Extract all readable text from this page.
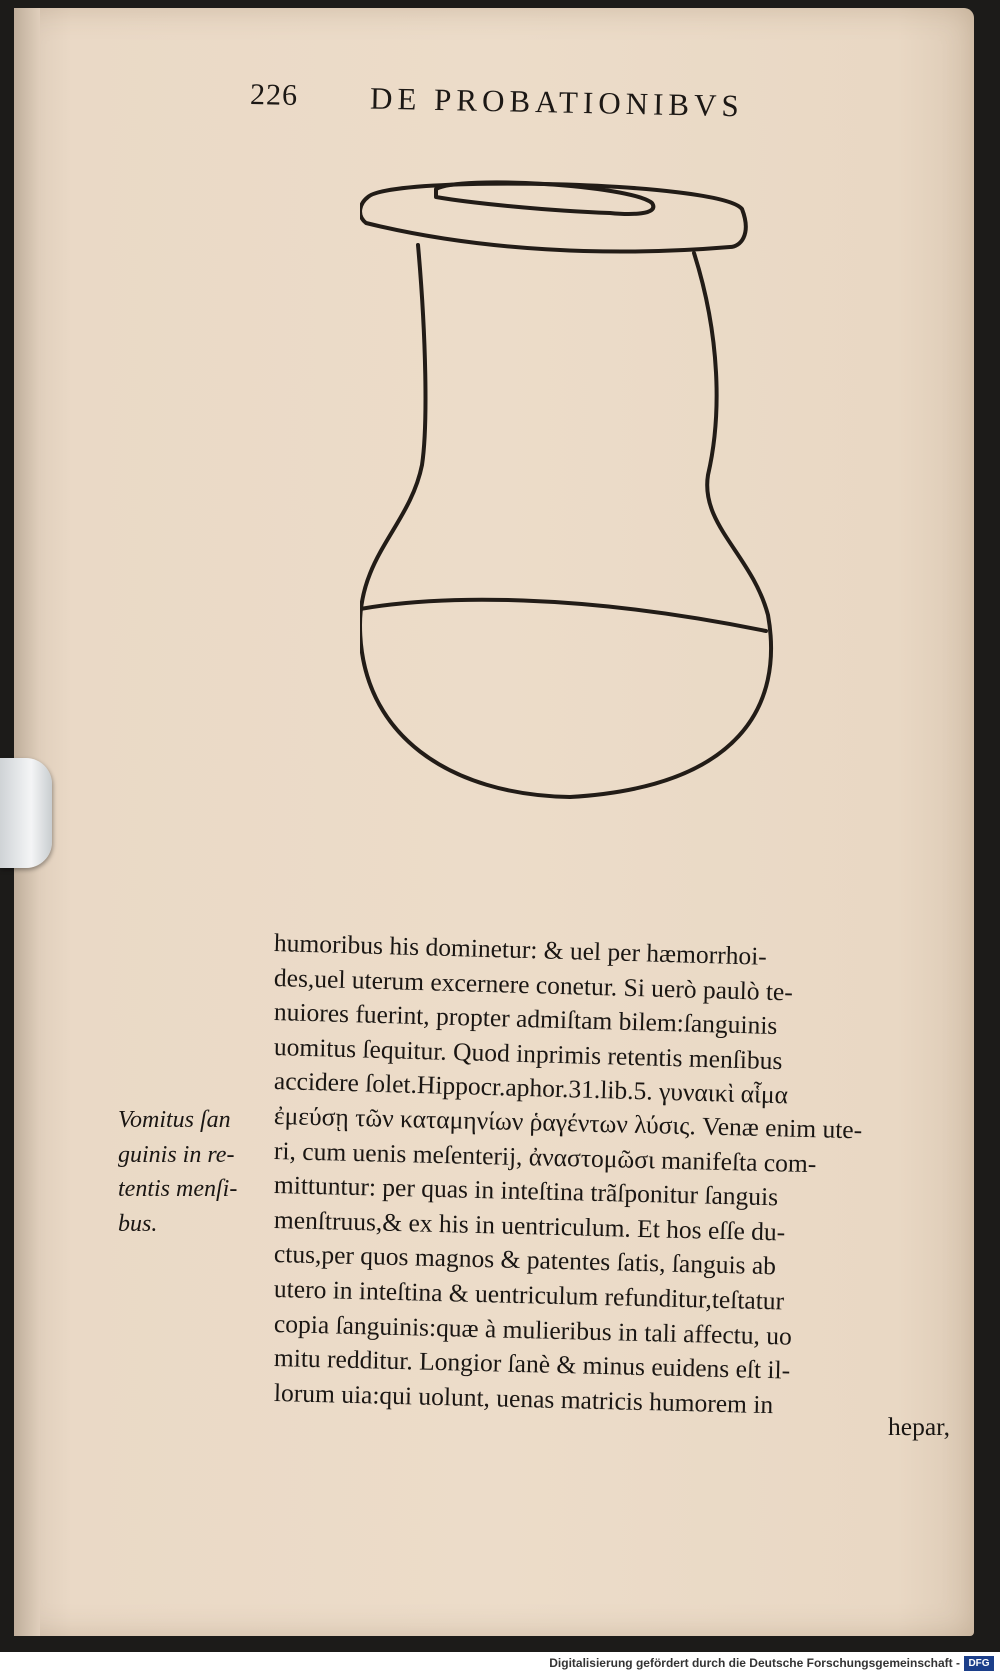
226 DE PROBATIONIBVS
humoribus his dominetur: & uel per hæmorrhoi-
des,uel uterum excernere conetur. Si uerò paulò te-
nuiores fuerint, propter admiſtam bilem:ſanguinis
uomitus ſequitur. Quod inprimis retentis menſibus
accidere ſolet.Hippocr.aphor.31.lib.5. γυναικὶ αἷμα
ἐμεύσῃ τῶν καταμηνίων ῥαγέντων λύσις. Venæ enim ute-
ri, cum uenis meſenterij, ἀναστομῶσι manifeſta com-
mittuntur: per quas in inteſtina trãſponitur ſanguis
menſtruus,& ex his in uentriculum. Et hos eſſe du-
ctus,per quos magnos & patentes ſatis, ſanguis ab
utero in inteſtina & uentriculum refunditur,teſtatur
copia ſanguinis:quæ à mulieribus in tali affectu, uo
mitu redditur. Longior ſanè & minus euidens eſt il-
lorum uia:qui uolunt, uenas matricis humorem in
hepar,
Vomitus ſan
guinis in re-
tentis menſi-
bus.
Digitalisierung gefördert durch die Deutsche Forschungsgemeinschaft - DFG
